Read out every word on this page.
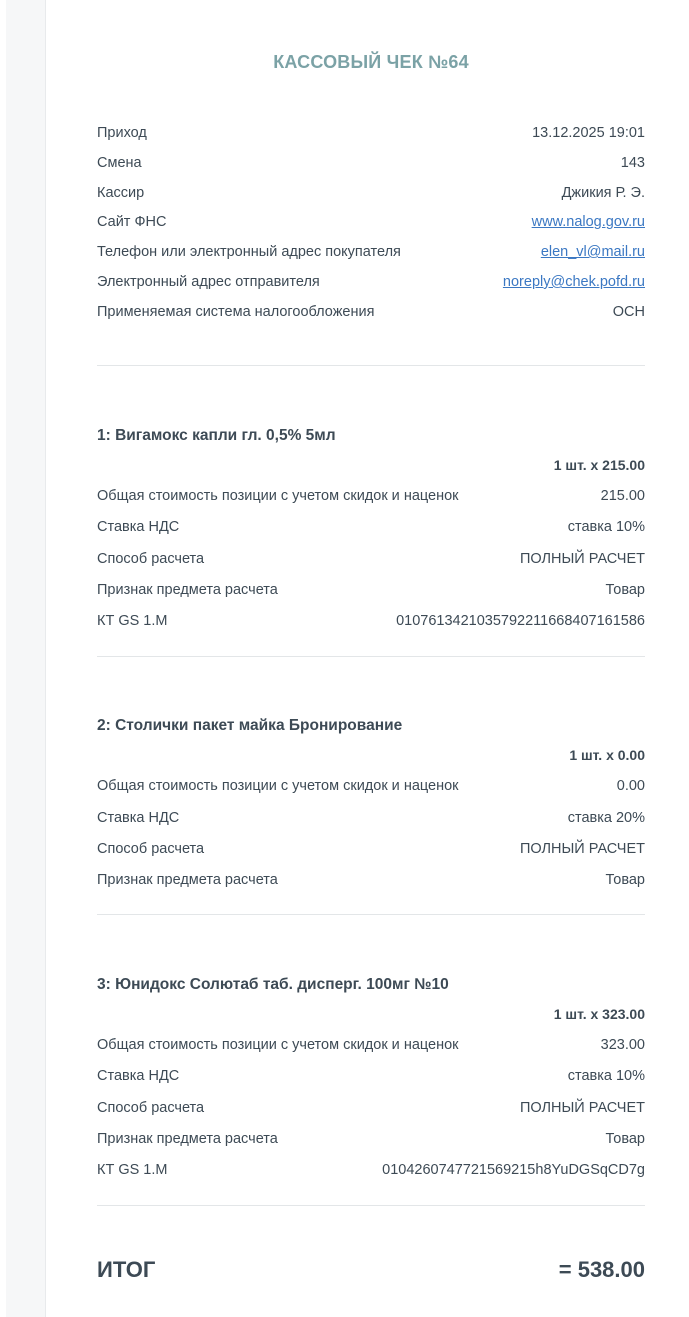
КАССОВЫЙ ЧЕК №64
Приход	13.12.2025 19:01
Смена	143
Кассир	Джикия Р. Э.
Сайт ФНС	www.nalog.gov.ru
Телефон или электронный адрес покупателя	elen_vl@mail.ru
Электронный адрес отправителя	noreply@chek.pofd.ru
Применяемая система налогообложения	ОСН
1: Вигамокс капли гл. 0,5% 5мл
1 шт. x 215.00
Общая стоимость позиции с учетом скидок и наценок	215.00
Ставка НДС	ставка 10%
Способ расчета	ПОЛНЫЙ РАСЧЕТ
Признак предмета расчета	Товар
КТ GS 1.M	0107613421035792211668407161586
2: Столички пакет майка Бронирование
1 шт. x 0.00
Общая стоимость позиции с учетом скидок и наценок	0.00
Ставка НДС	ставка 20%
Способ расчета	ПОЛНЫЙ РАСЧЕТ
Признак предмета расчета	Товар
3: Юнидокс Солютаб таб. дисперг. 100мг №10
1 шт. x 323.00
Общая стоимость позиции с учетом скидок и наценок	323.00
Ставка НДС	ставка 10%
Способ расчета	ПОЛНЫЙ РАСЧЕТ
Признак предмета расчета	Товар
КТ GS 1.M	0104260747721569215h8YuDGSqCD7g
ИТОГ	= 538.00
